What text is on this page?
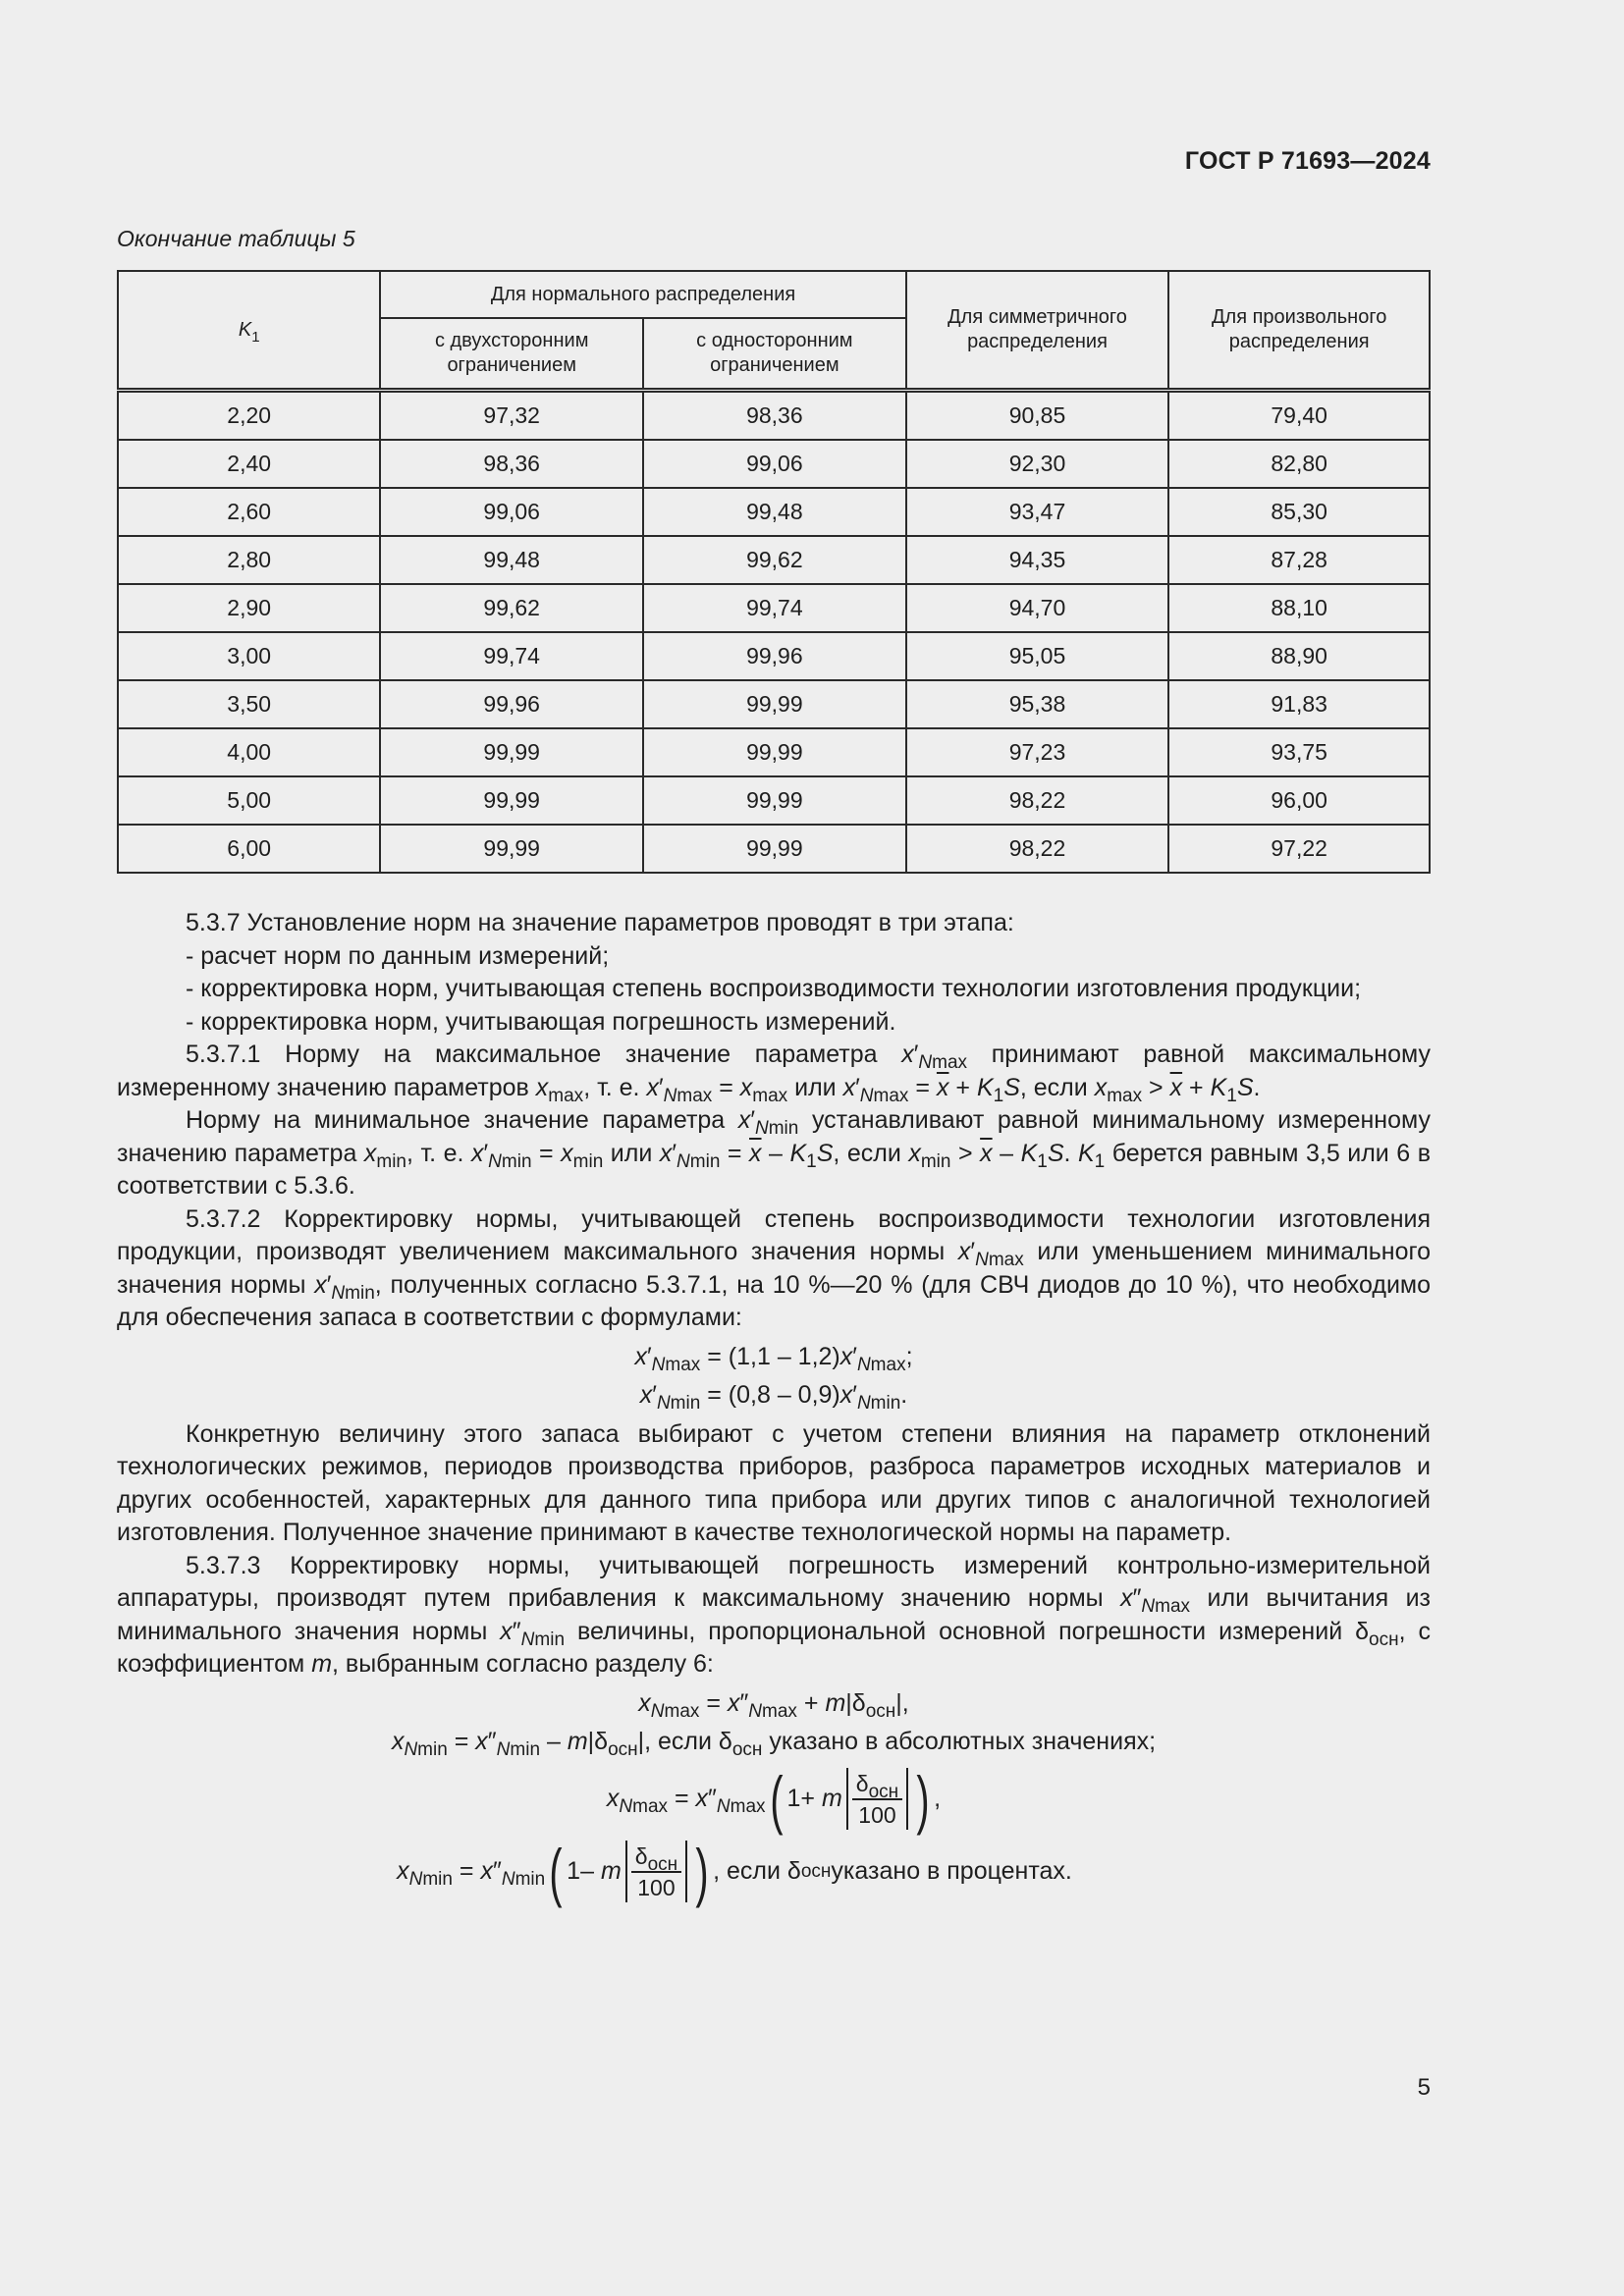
ГОСТ Р 71693—2024
Окончание таблицы 5
$K_1$	Для нормального распределения		Для симметричного распределения	Для произвольного распределения
	с двухсторонним ограничением	с односторонним ограничением		
2,20	97,32	98,36	90,85	79,40
2,40	98,36	99,06	92,30	82,80
2,60	99,06	99,48	93,47	85,30
2,80	99,48	99,62	94,35	87,28
2,90	99,62	99,74	94,70	88,10
3,00	99,74	99,96	95,05	88,90
3,50	99,96	99,99	95,38	91,83
4,00	99,99	99,99	97,23	93,75
5,00	99,99	99,99	98,22	96,00
6,00	99,99	99,99	98,22	97,22

5.3.7 Установление норм на значение параметров проводят в три этапа:

- расчет норм по данным измерений;

- корректировка норм, учитывающая степень воспроизводимости технологии изготовления продукции;

- корректировка норм, учитывающая погрешность измерений.

5.3.7.1 Норму на максимальное значение параметра $x'_{Nmax}$ принимают равной максимальному измеренному значению параметров $x_{max}$, т. е. $x'_{Nmax} = x_{max}$ или $x'_{Nmax} = \overline{x} + K_1S$, если $x_{max} > \overline{x} + K_1S$.

Норму на минимальное значение параметра $x'_{Nmin}$ устанавливают равной минимальному измеренному значению параметра $x_{min}$, т. е. $x'_{Nmin} = x_{min}$ или $x'_{Nmin} = \overline{x} - K_1S$, если $x_{min} > \overline{x} - K_1S$. $K_1$ берется равным 3,5 или 6 в соответствии с 5.3.6.

5.3.7.2 Корректировку нормы, учитывающей степень воспроизводимости технологии изготовления продукции, производят увеличением максимального значения нормы $x'_{Nmax}$ или уменьшением минимального значения нормы $x'_{Nmin}$, полученных согласно 5.3.7.1, на 10 %—20 % (для СВЧ диодов до 10 %), что необходимо для обеспечения запаса в соответствии с формулами:

$x'_{Nmax} = (1,1 - 1,2)x'_{Nmax}$;

$x'_{Nmin} = (0,8 - 0,9)x'_{Nmin}$.

Конкретную величину этого запаса выбирают с учетом степени влияния на параметр отклонений технологических режимов, периодов производства приборов, разброса параметров исходных материалов и других особенностей, характерных для данного типа прибора или других типов с аналогичной технологией изготовления. Полученное значение принимают в качестве технологической нормы на параметр.

5.3.7.3 Корректировку нормы, учитывающей погрешность измерений контрольно-измерительной аппаратуры, производят путем прибавления к максимальному значению нормы $x''_{Nmax}$ или вычитания из минимального значения нормы $x''_{Nmin}$ величины, пропорциональной основной погрешности измерений $\delta_{осн}$, с коэффициентом m, выбранным согласно разделу 6:

$x_{Nmax} = x''_{Nmax} + m|\delta_{осн}|$,

$x_{Nmin} = x''_{Nmin} - m|\delta_{осн}|$, если $\delta_{осн}$ указано в абсолютных значениях;

$x_{Nmax} = x''_{Nmax}$ ( 1+ m $\frac{\delta_{осн}}{100}$ ) ,
$x_{Nmin} = x''_{Nmin}$ ( 1– m $\frac{\delta_{осн}}{100}$ ) , если δ осн указано в процентах.
5
